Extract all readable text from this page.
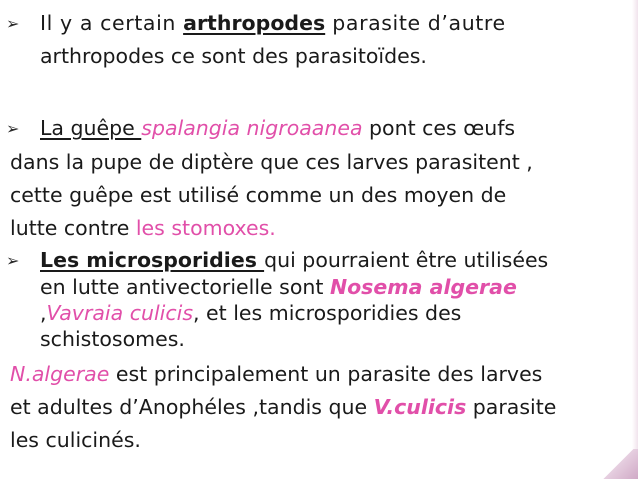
➢ Il y a certain arthropodes parasite d’autre
arthropodes ce sont des parasitoïdes.
➢ La guêpe spalangia nigroaanea pont ces œufs
dans la pupe de diptère que ces larves parasitent ,
cette guêpe est utilisé comme un des moyen de
lutte contre les stomoxes.
➢ Les microsporidies qui pourraient être utilisées
en lutte antivectorielle sont Nosema algerae
,Vavraia culicis, et les microsporidies des
schistosomes.
N.algerae est principalement un parasite des larves
et adultes d’Anophéles ,tandis que V.culicis parasite
les culicinés.
